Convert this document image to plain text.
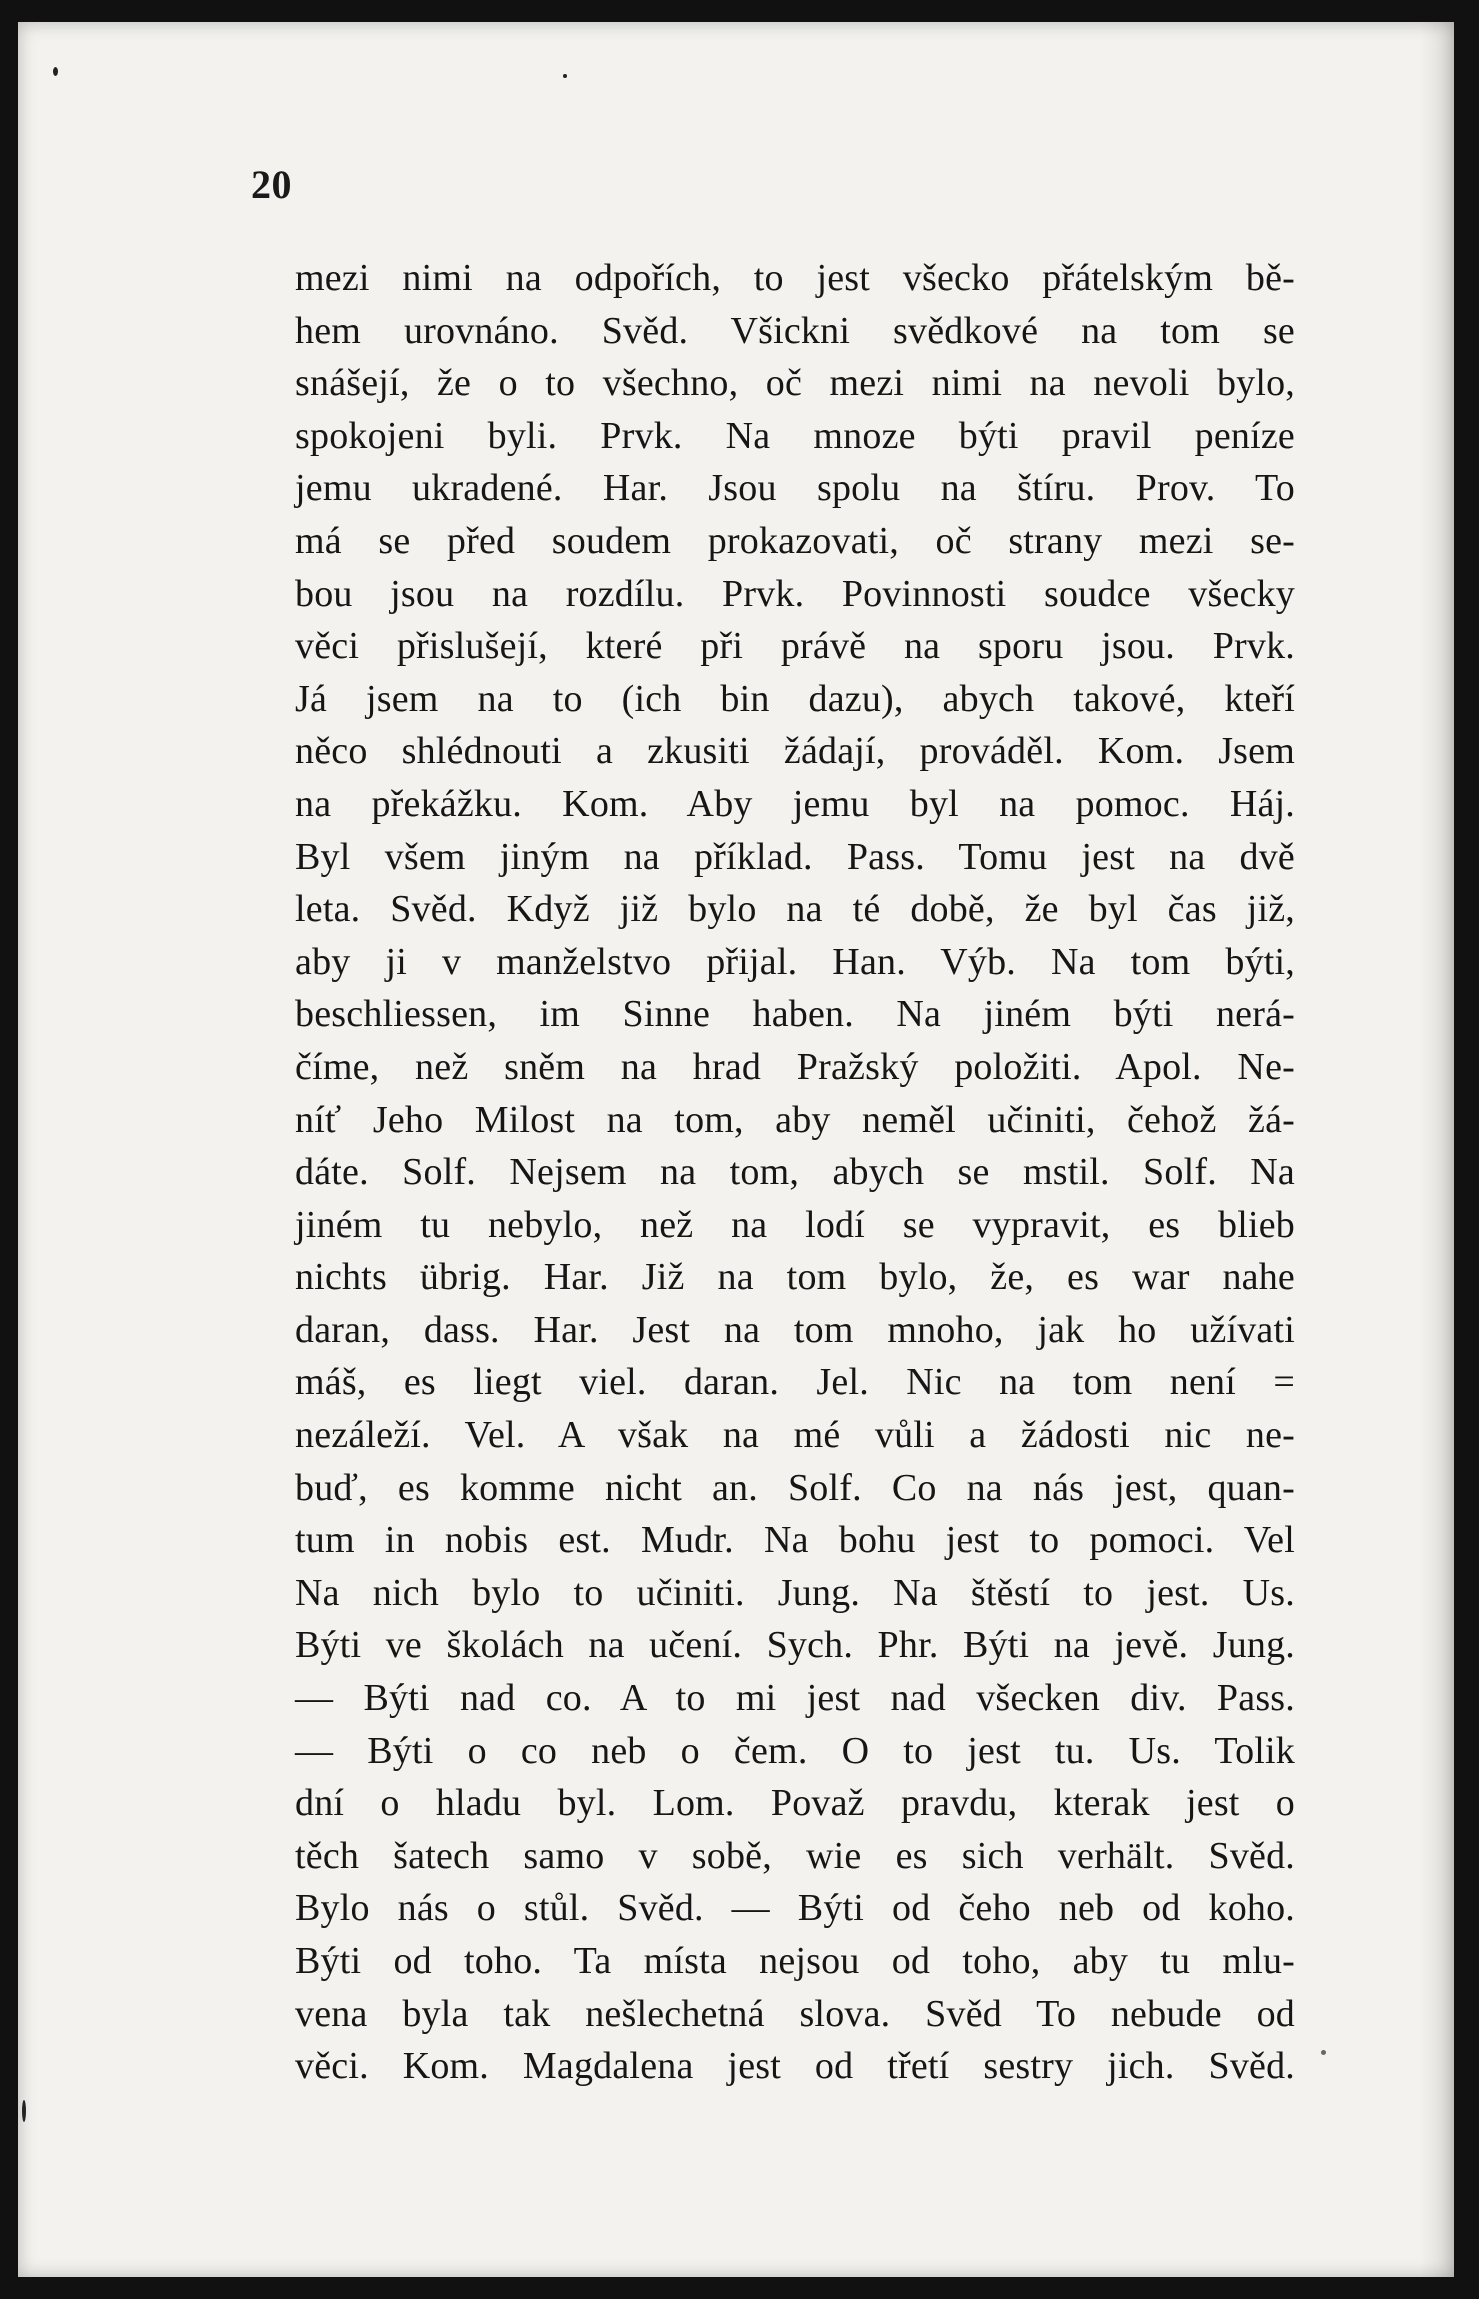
20
mezi nimi na odpořích, to jest všecko přátelským bě-
hem urovnáno. Svěd. Všickni svědkové na tom se
snášejí, že o to všechno, oč mezi nimi na nevoli bylo,
spokojeni byli. Prvk. Na mnoze býti pravil peníze
jemu ukradené. Har. Jsou spolu na štíru. Prov. To
má se před soudem prokazovati, oč strany mezi se-
bou jsou na rozdílu. Prvk. Povinnosti soudce všecky
věci přislušejí, které při právě na sporu jsou. Prvk.
Já jsem na to (ich bin dazu), abych takové, kteří
něco shlédnouti a zkusiti žádají, prováděl. Kom. Jsem
na překážku. Kom. Aby jemu byl na pomoc. Háj.
Byl všem jiným na příklad. Pass. Tomu jest na dvě
leta. Svěd. Když již bylo na té době, že byl čas již,
aby ji v manželstvo přijal. Han. Výb. Na tom býti,
beschliessen, im Sinne haben. Na jiném býti nerá-
číme, než sněm na hrad Pražský položiti. Apol. Ne-
níť Jeho Milost na tom, aby neměl učiniti, čehož žá-
dáte. Solf. Nejsem na tom, abych se mstil. Solf. Na
jiném tu nebylo, než na lodí se vypravit, es blieb
nichts übrig. Har. Již na tom bylo, že, es war nahe
daran, dass. Har. Jest na tom mnoho, jak ho užívati
máš, es liegt viel. daran. Jel. Nic na tom není =
nezáleží. Vel. A však na mé vůli a žádosti nic ne-
buď, es komme nicht an. Solf. Co na nás jest, quan-
tum in nobis est. Mudr. Na bohu jest to pomoci. Vel
Na nich bylo to učiniti. Jung. Na štěstí to jest. Us.
Býti ve školách na učení. Sych. Phr. Býti na jevě. Jung.
— Býti nad co. A to mi jest nad všecken div. Pass.
— Býti o co neb o čem. O to jest tu. Us. Tolik
dní o hladu byl. Lom. Považ pravdu, kterak jest o
těch šatech samo v sobě, wie es sich verhält. Svěd.
Bylo nás o stůl. Svěd. — Býti od čeho neb od koho.
Býti od toho. Ta místa nejsou od toho, aby tu mlu-
vena byla tak nešlechetná slova. Svěd To nebude od
věci. Kom. Magdalena jest od třetí sestry jich. Svěd.
